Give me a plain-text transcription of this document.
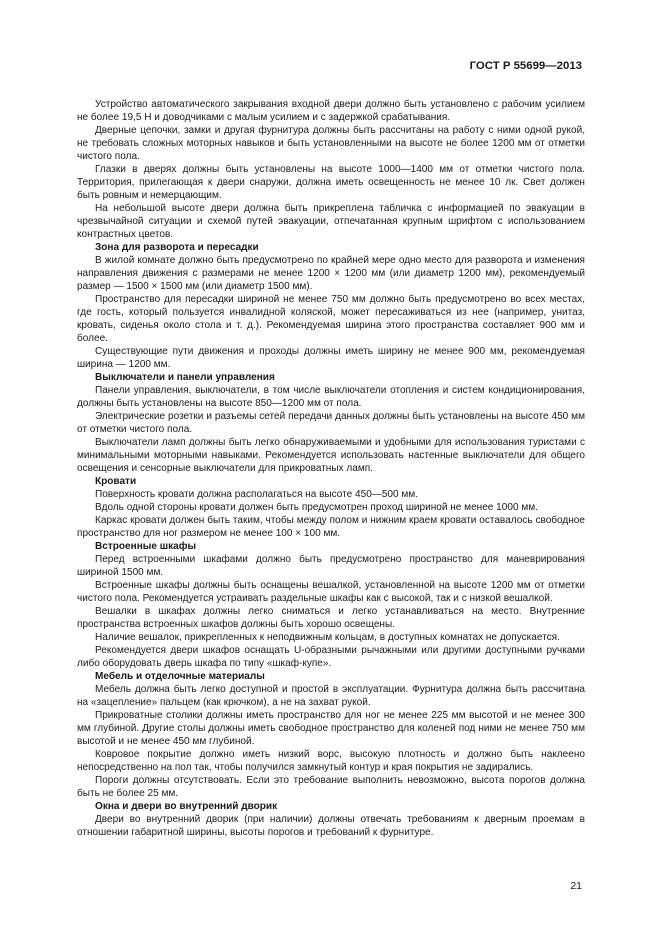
ГОСТ Р 55699—2013

Устройство автоматического закрывания входной двери должно быть установлено с рабочим усилием не более 19,5 Н и доводчиками с малым усилием и с задержкой срабатывания.

Дверные цепочки, замки и другая фурнитура должны быть рассчитаны на работу с ними одной рукой, не требовать сложных моторных навыков и быть установленными на высоте не более 1200 мм от отметки чистого пола.

Глазки в дверях должны быть установлены на высоте 1000—1400 мм от отметки чистого пола. Территория, прилегающая к двери снаружи, должна иметь освещенность не менее 10 лк. Свет должен быть ровным и немерцающим.

На небольшой высоте двери должна быть прикреплена табличка с информацией по эвакуации в чрезвычайной ситуации и схемой путей эвакуации, отпечатанная крупным шрифтом с использованием контрастных цветов.

Зона для разворота и пересадки

В жилой комнате должно быть предусмотрено по крайней мере одно место для разворота и изменения направления движения с размерами не менее 1200 × 1200 мм (или диаметр 1200 мм), рекомендуемый размер — 1500 × 1500 мм (или диаметр 1500 мм).

Пространство для пересадки шириной не менее 750 мм должно быть предусмотрено во всех местах, где гость, который пользуется инвалидной коляской, может пересаживаться из нее (например, унитаз, кровать, сиденья около стола и т. д.). Рекомендуемая ширина этого пространства составляет 900 мм и более.

Существующие пути движения и проходы должны иметь ширину не менее 900 мм, рекомендуемая ширина — 1200 мм.

Выключатели и панели управления

Панели управления, выключатели, в том числе выключатели отопления и систем кондиционирования, должны быть установлены на высоте 850—1200 мм от пола.

Электрические розетки и разъемы сетей передачи данных должны быть установлены на высоте 450 мм от отметки чистого пола.

Выключатели ламп должны быть легко обнаруживаемыми и удобными для использования туристами с минимальными моторными навыками. Рекомендуется использовать настенные выключатели для общего освещения и сенсорные выключатели для прикроватных ламп.

Кровати

Поверхность кровати должна располагаться на высоте 450—500 мм.

Вдоль одной стороны кровати должен быть предусмотрен проход шириной не менее 1000 мм.

Каркас кровати должен быть таким, чтобы между полом и нижним краем кровати оставалось свободное пространство для ног размером не менее 100 × 100 мм.

Встроенные шкафы

Перед встроенными шкафами должно быть предусмотрено пространство для маневрирования шириной 1500 мм.

Встроенные шкафы должны быть оснащены вешалкой, установленной на высоте 1200 мм от отметки чистого пола. Рекомендуется устраивать раздельные шкафы как с высокой, так и с низкой вешалкой.

Вешалки в шкафах должны легко сниматься и легко устанавливаться на место. Внутренние пространства встроенных шкафов должны быть хорошо освещены.

Наличие вешалок, прикрепленных к неподвижным кольцам, в доступных комнатах не допускается.

Рекомендуется двери шкафов оснащать U-образными рычажными или другими доступными ручками либо оборудовать дверь шкафа по типу «шкаф-купе».

Мебель и отделочные материалы

Мебель должна быть легко доступной и простой в эксплуатации. Фурнитура должна быть рассчитана на «зацепление» пальцем (как крючком), а не на захват рукой.

Прикроватные столики должны иметь пространство для ног не менее 225 мм высотой и не менее 300 мм глубиной. Другие столы должны иметь свободное пространство для коленей под ними не менее 750 мм высотой и не менее 450 мм глубиной.

Ковровое покрытие должно иметь низкий ворс, высокую плотность и должно быть наклеено непосредственно на пол так, чтобы получился замкнутый контур и края покрытия не задирались.

Пороги должны отсутствовать. Если это требование выполнить невозможно, высота порогов должна быть не более 25 мм.

Окна и двери во внутренний дворик

Двери во внутренний дворик (при наличии) должны отвечать требованиям к дверным проемам в отношении габаритной ширины, высоты порогов и требований к фурнитуре.

21
